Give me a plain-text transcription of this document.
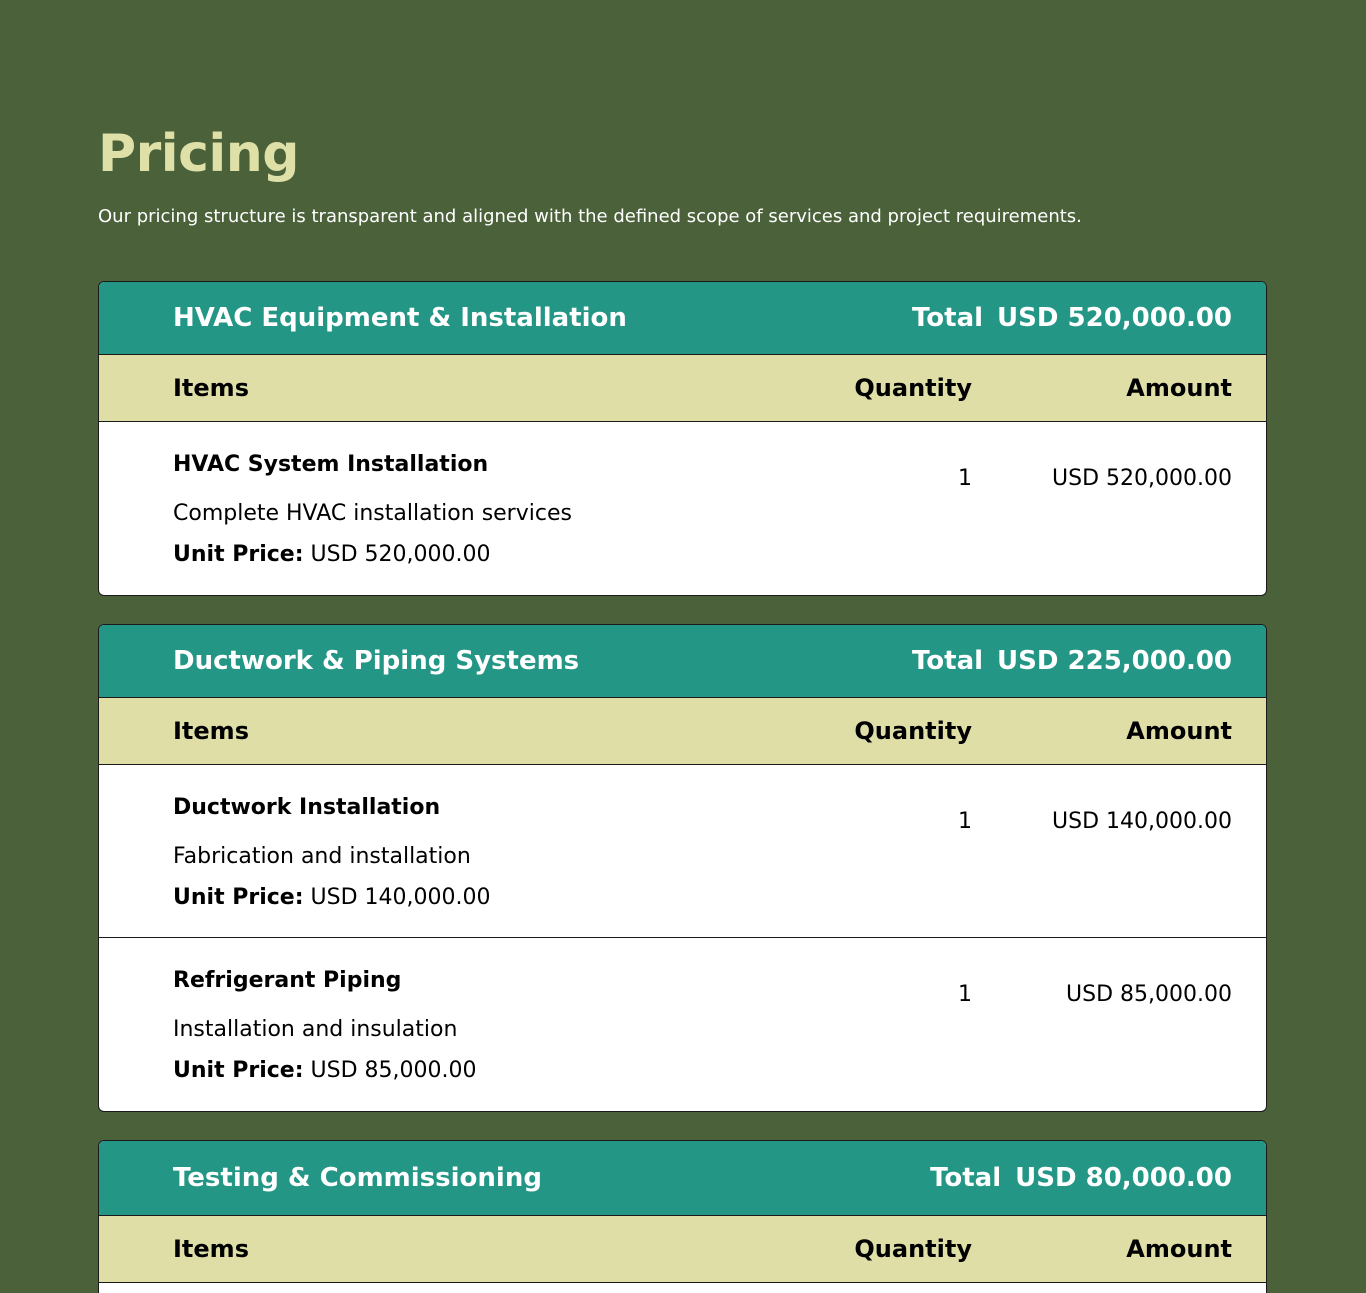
Pricing

Our pricing structure is transparent and aligned with the defined scope of services and project requirements.

HVAC Equipment & Installation	Total USD 520,000.00
Items	Quantity	Amount
HVAC System Installation
Complete HVAC installation services
Unit Price: USD 520,000.00
1	USD 520,000.00
Ductwork & Piping Systems	Total USD 225,000.00
Items	Quantity	Amount
Ductwork Installation
Fabrication and installation
Unit Price: USD 140,000.00
1	USD 140,000.00
Refrigerant Piping
Installation and insulation
Unit Price: USD 85,000.00
1	USD 85,000.00
Testing & Commissioning	Total USD 80,000.00
Items	Quantity	Amount
